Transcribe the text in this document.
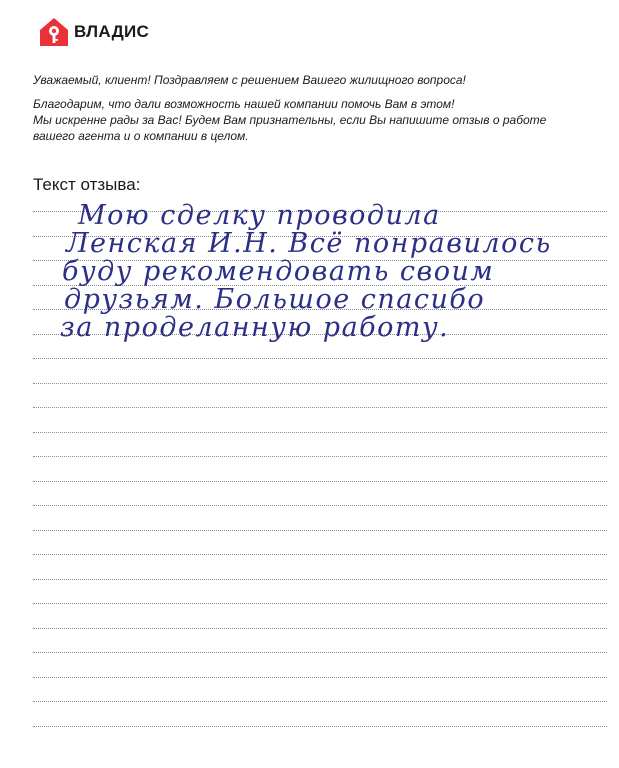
ВЛАДИС

Уважаемый, клиент! Поздравляем с решением Вашего жилищного вопроса!

Благодарим, что дали возможность нашей компании помочь Вам в этом!

Мы искренне рады за Вас! Будем Вам признательны, если Вы напишите отзыв о работе

вашего агента и о компании в целом.

Текст отзыва:
Мою сделку проводила
Ленская И.Н. Всё понравилось
буду рекомендовать своим
друзьям. Большое спасибо
за проделанную работу.
